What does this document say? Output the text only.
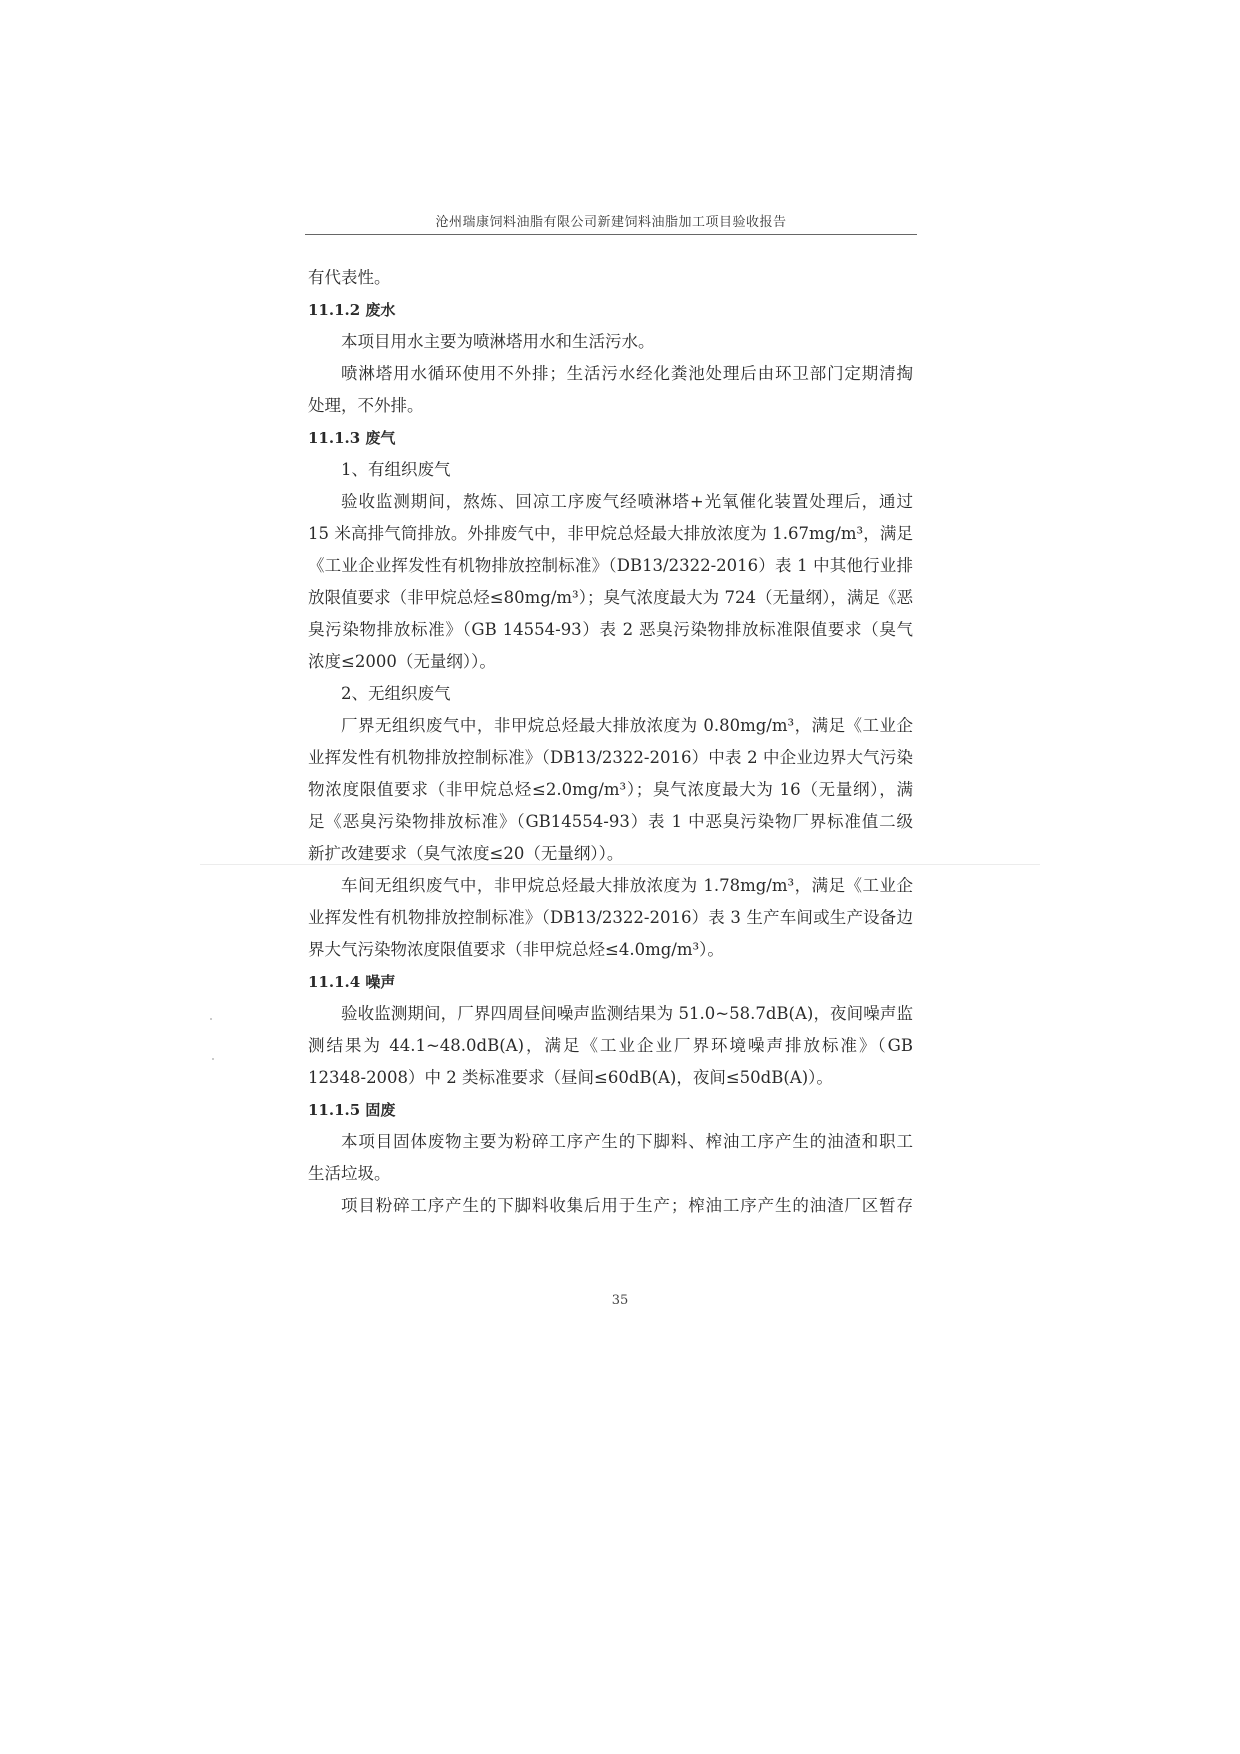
沧州瑞康饲料油脂有限公司新建饲料油脂加工项目验收报告
有代表性。
11.1.2 废水
本项目用水主要为喷淋塔用水和生活污水。
喷淋塔用水循环使用不外排；生活污水经化粪池处理后由环卫部门定期清掏
处理，不外排。
11.1.3 废气
1、有组织废气
验收监测期间，熬炼、回凉工序废气经喷淋塔+光氧催化装置处理后，通过
15 米高排气筒排放。外排废气中，非甲烷总烃最大排放浓度为 1.67mg/m³，满足
《工业企业挥发性有机物排放控制标准》（DB13/2322-2016）表 1 中其他行业排
放限值要求（非甲烷总烃≤80mg/m³）；臭气浓度最大为 724（无量纲），满足《恶
臭污染物排放标准》（GB 14554-93）表 2 恶臭污染物排放标准限值要求（臭气
浓度≤2000（无量纲））。
2、无组织废气
厂界无组织废气中，非甲烷总烃最大排放浓度为 0.80mg/m³，满足《工业企
业挥发性有机物排放控制标准》（DB13/2322-2016）中表 2 中企业边界大气污染
物浓度限值要求（非甲烷总烃≤2.0mg/m³）；臭气浓度最大为 16（无量纲），满
足《恶臭污染物排放标准》（GB14554-93）表 1 中恶臭污染物厂界标准值二级
新扩改建要求（臭气浓度≤20（无量纲））。
车间无组织废气中，非甲烷总烃最大排放浓度为 1.78mg/m³，满足《工业企
业挥发性有机物排放控制标准》（DB13/2322-2016）表 3 生产车间或生产设备边
界大气污染物浓度限值要求（非甲烷总烃≤4.0mg/m³）。
11.1.4 噪声
验收监测期间，厂界四周昼间噪声监测结果为 51.0~58.7dB(A)，夜间噪声监
测结果为 44.1~48.0dB(A)，满足《工业企业厂界环境噪声排放标准》（GB
12348-2008）中 2 类标准要求（昼间≤60dB(A)，夜间≤50dB(A)）。
11.1.5 固废
本项目固体废物主要为粉碎工序产生的下脚料、榨油工序产生的油渣和职工
生活垃圾。
项目粉碎工序产生的下脚料收集后用于生产；榨油工序产生的油渣厂区暂存
35
